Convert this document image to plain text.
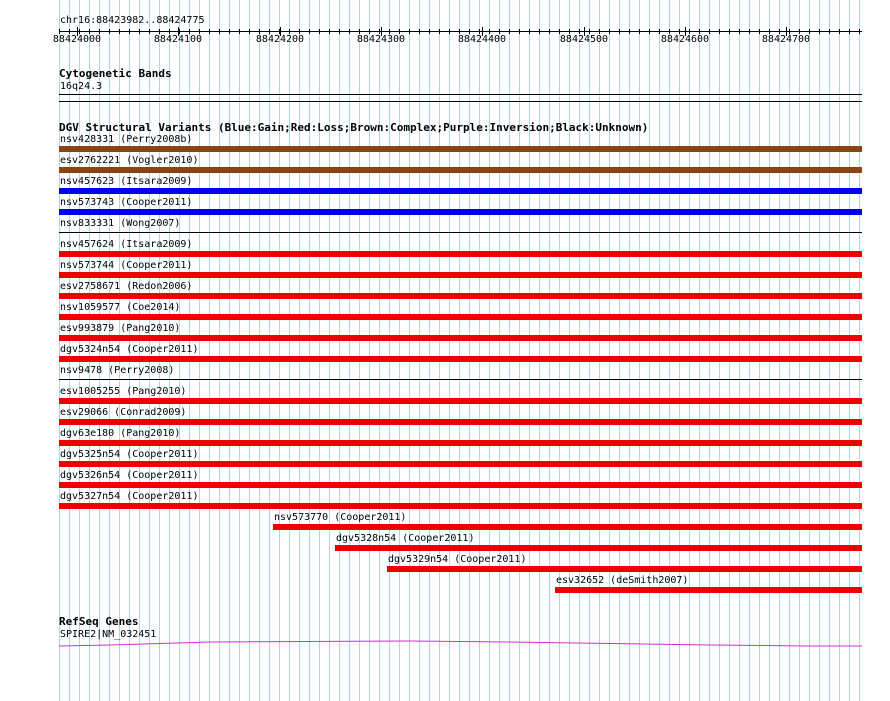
chr16:88423982..88424775
88424000	88424100	88424200	88424300	88424400	88424500	88424600	88424700
Cytogenetic Bands
16q24.3
DGV Structural Variants (Blue:Gain;Red:Loss;Brown:Complex;Purple:Inversion;Black:Unknown)
nsv428331 (Perry2008b)
esv2762221 (Vogler2010)
nsv457623 (Itsara2009)
nsv573743 (Cooper2011)
nsv833331 (Wong2007)
nsv457624 (Itsara2009)
nsv573744 (Cooper2011)
esv2758671 (Redon2006)
nsv1059577 (Coe2014)
esv993879 (Pang2010)
dgv5324n54 (Cooper2011)
nsv9478 (Perry2008)
esv1005255 (Pang2010)
esv29066 (Conrad2009)
dgv63e180 (Pang2010)
dgv5325n54 (Cooper2011)
dgv5326n54 (Cooper2011)
dgv5327n54 (Cooper2011)
nsv573770 (Cooper2011)
dgv5328n54 (Cooper2011)
dgv5329n54 (Cooper2011)
esv32652 (deSmith2007)
RefSeq Genes
SPIRE2|NM_032451
